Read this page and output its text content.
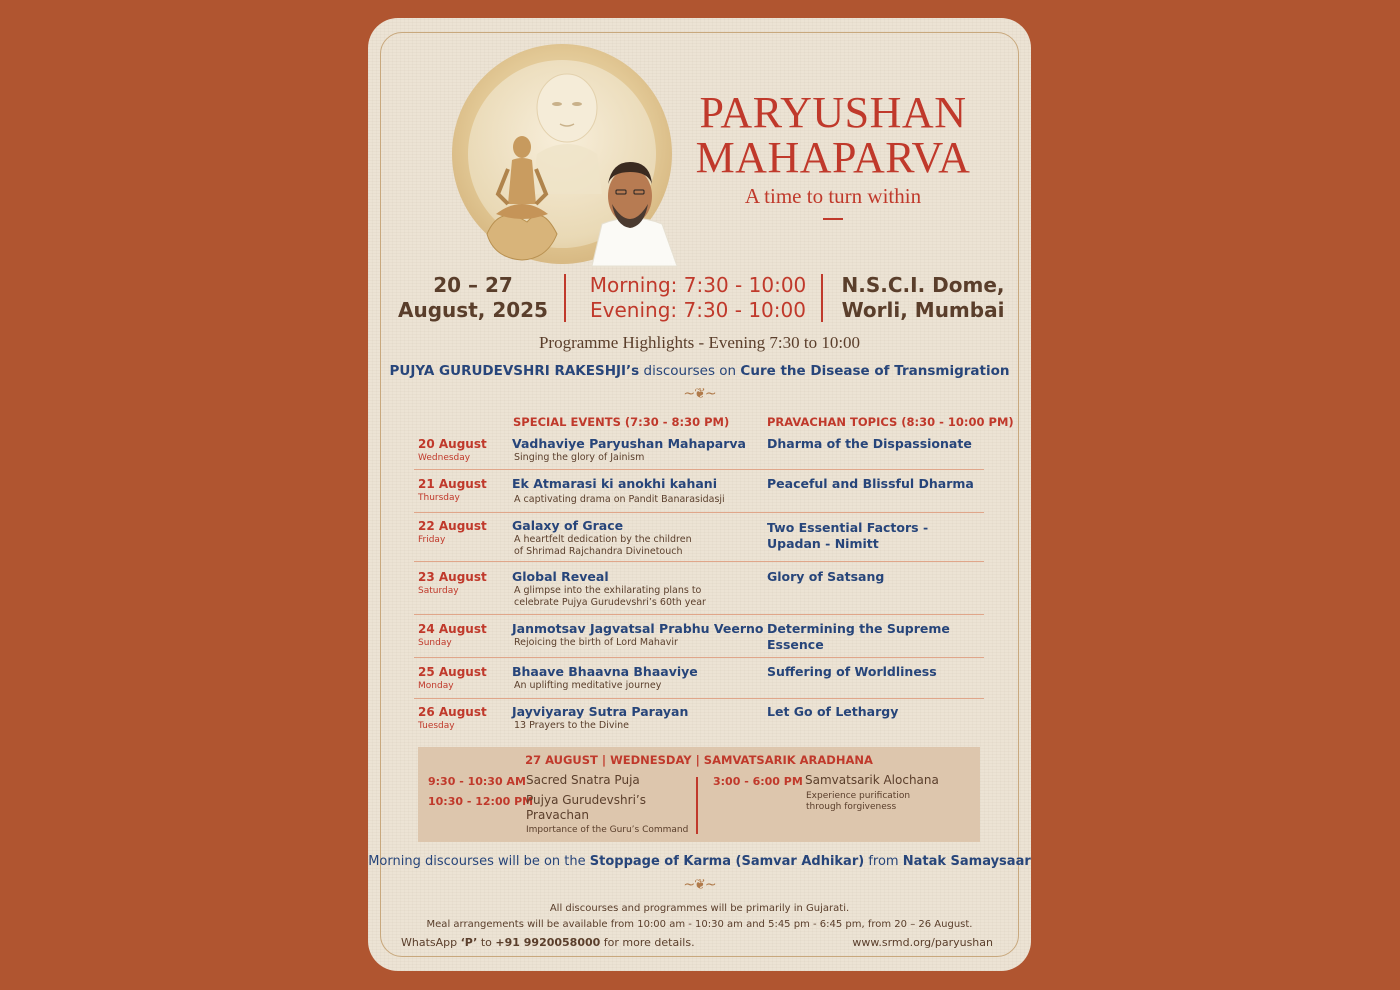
PARYUSHAN
MAHAPARVA
A time to turn within
20 – 27
August, 2025
Morning: 7:30 - 10:00
Evening: 7:30 - 10:00
N.S.C.I. Dome,
Worli, Mumbai
Programme Highlights - Evening 7:30 to 10:00
PUJYA GURUDEVSHRI RAKESHJI’s discourses on Cure the Disease of Transmigration
~❦~
SPECIAL EVENTS (7:30 - 8:30 PM)	PRAVACHAN TOPICS (8:30 - 10:00 PM)
20 August
Wednesday
Vadhaviye Paryushan Mahaparva
Singing the glory of Jainism
Dharma of the Dispassionate
21 August
Thursday
Ek Atmarasi ki anokhi kahani
A captivating drama on Pandit Banarasidasji
Peaceful and Blissful Dharma
22 August
Friday
Galaxy of Grace
A heartfelt dedication by the children
of Shrimad Rajchandra Divinetouch
Two Essential Factors -
Upadan - Nimitt
23 August
Saturday
Global Reveal
A glimpse into the exhilarating plans to
celebrate Pujya Gurudevshri’s 60th year
Glory of Satsang
24 August
Sunday
Janmotsav Jagvatsal Prabhu Veerno
Rejoicing the birth of Lord Mahavir
Determining the Supreme Essence
25 August
Monday
Bhaave Bhaavna Bhaaviye
An uplifting meditative journey
Suffering of Worldliness
26 August
Tuesday
Jayviyaray Sutra Parayan
13 Prayers to the Divine
Let Go of Lethargy
27 AUGUST | WEDNESDAY | SAMVATSARIK ARADHANA
9:30 - 10:30 AM Sacred Snatra Puja
10:30 - 12:00 PM
Pujya Gurudevshri’s
Pravachan
Importance of the Guru’s Command
3:00 - 6:00 PM Samvatsarik Alochana
Experience purification
through forgiveness
Morning discourses will be on the Stoppage of Karma (Samvar Adhikar) from Natak Samaysaar
~❦~
All discourses and programmes will be primarily in Gujarati.
Meal arrangements will be available from 10:00 am - 10:30 am and 5:45 pm - 6:45 pm, from 20 – 26 August.
WhatsApp ‘P’ to +91 9920058000 for more details.	www.srmd.org/paryushan
